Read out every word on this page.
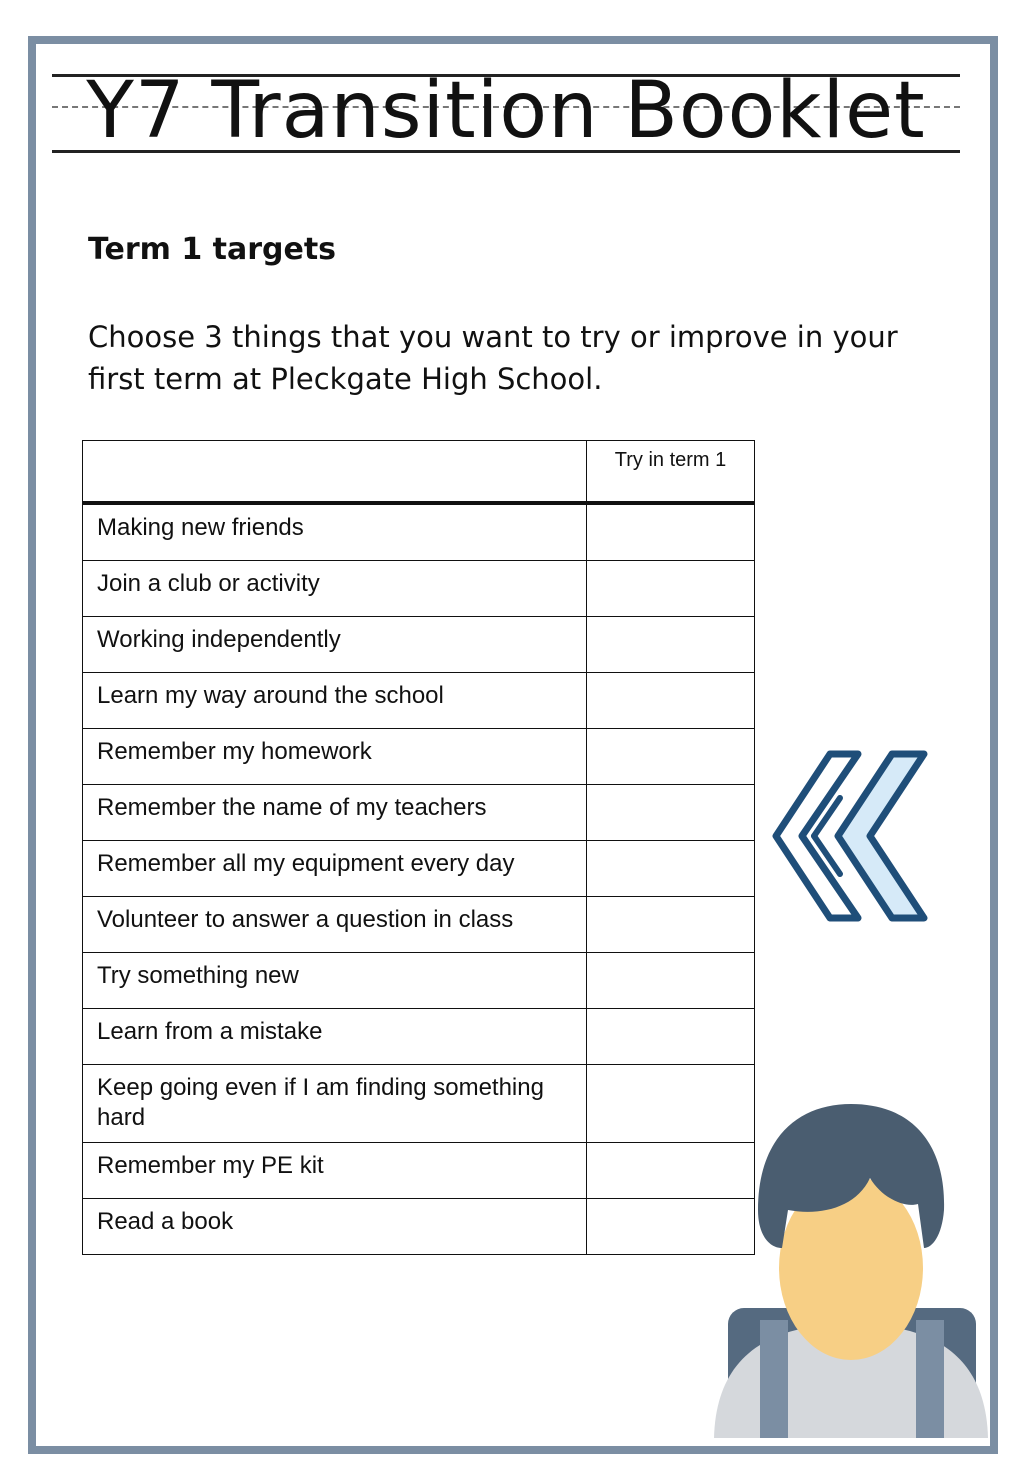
Y7 Transition Booklet
Term 1 targets
Choose 3 things that you want to try or improve in your first term at Pleckgate High School.
	Try in term 1
Making new friends	
Join a club or activity	
Working independently	
Learn my way around the school	
Remember my homework	
Remember the name of my teachers	
Remember all my equipment every day	
Volunteer to answer a question in class	
Try something new	
Learn from a mistake	
Keep going even if I am finding something hard	
Remember my PE kit	
Read a book	
